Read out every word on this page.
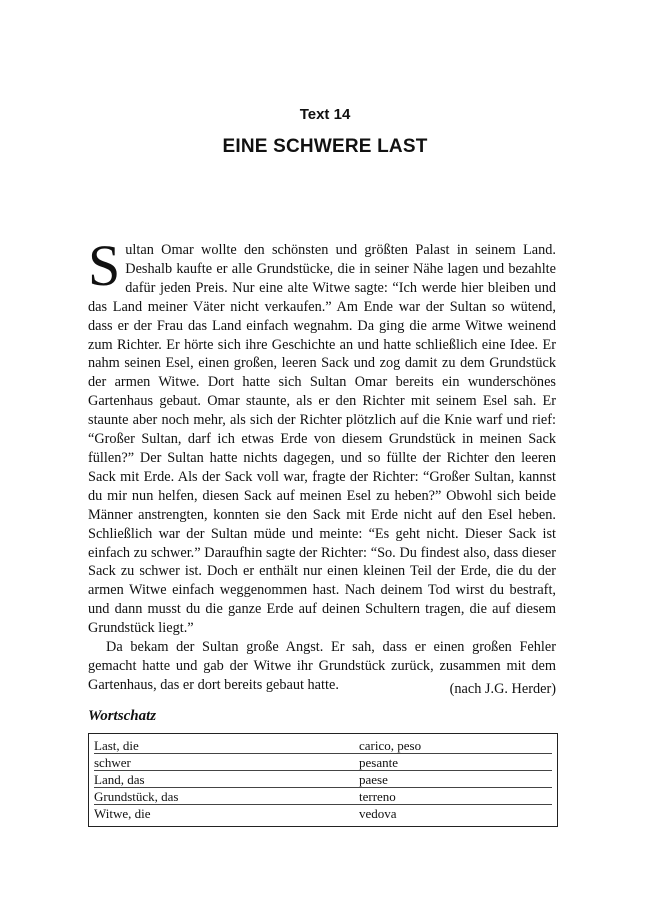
Text 14
EINE SCHWERE LAST

Sultan Omar wollte den schönsten und größten Palast in seinem Land. Deshalb kaufte er alle Grundstücke, die in seiner Nähe lagen und bezahlte dafür jeden Preis. Nur eine alte Witwe sagte: “Ich werde hier bleiben und das Land meiner Väter nicht verkaufen.” Am Ende war der Sultan so wütend, dass er der Frau das Land einfach wegnahm. Da ging die arme Witwe weinend zum Richter. Er hörte sich ihre Geschichte an und hatte schließlich eine Idee. Er nahm seinen Esel, einen großen, leeren Sack und zog damit zu dem Grundstück der armen Witwe. Dort hatte sich Sultan Omar bereits ein wunderschönes Gartenhaus gebaut. Omar staunte, als er den Richter mit seinem Esel sah. Er staunte aber noch mehr, als sich der Richter plötzlich auf die Knie warf und rief: “Großer Sultan, darf ich etwas Erde von diesem Grundstück in meinen Sack füllen?” Der Sultan hatte nichts dagegen, und so füllte der Richter den leeren Sack mit Erde. Als der Sack voll war, fragte der Richter: “Großer Sultan, kannst du mir nun helfen, diesen Sack auf meinen Esel zu heben?” Obwohl sich beide Männer anstrengten, konnten sie den Sack mit Erde nicht auf den Esel heben. Schließlich war der Sultan müde und meinte: “Es geht nicht. Dieser Sack ist einfach zu schwer.” Daraufhin sagte der Richter: “So. Du findest also, dass dieser Sack zu schwer ist. Doch er enthält nur einen kleinen Teil der Erde, die du der armen Witwe einfach weggenommen hast. Nach deinem Tod wirst du bestraft, und dann musst du die ganze Erde auf deinen Schultern tragen, die auf diesem Grundstück liegt.”

Da bekam der Sultan große Angst. Er sah, dass er einen großen Fehler gemacht hatte und gab der Witwe ihr Grundstück zurück, zusammen mit dem Gartenhaus, das er dort bereits gebaut hatte.	(nach J.G. Herder)
Wortschatz
Last, die	carico, peso
schwer	pesante
Land, das	paese
Grundstück, das	terreno
Witwe, die	vedova
